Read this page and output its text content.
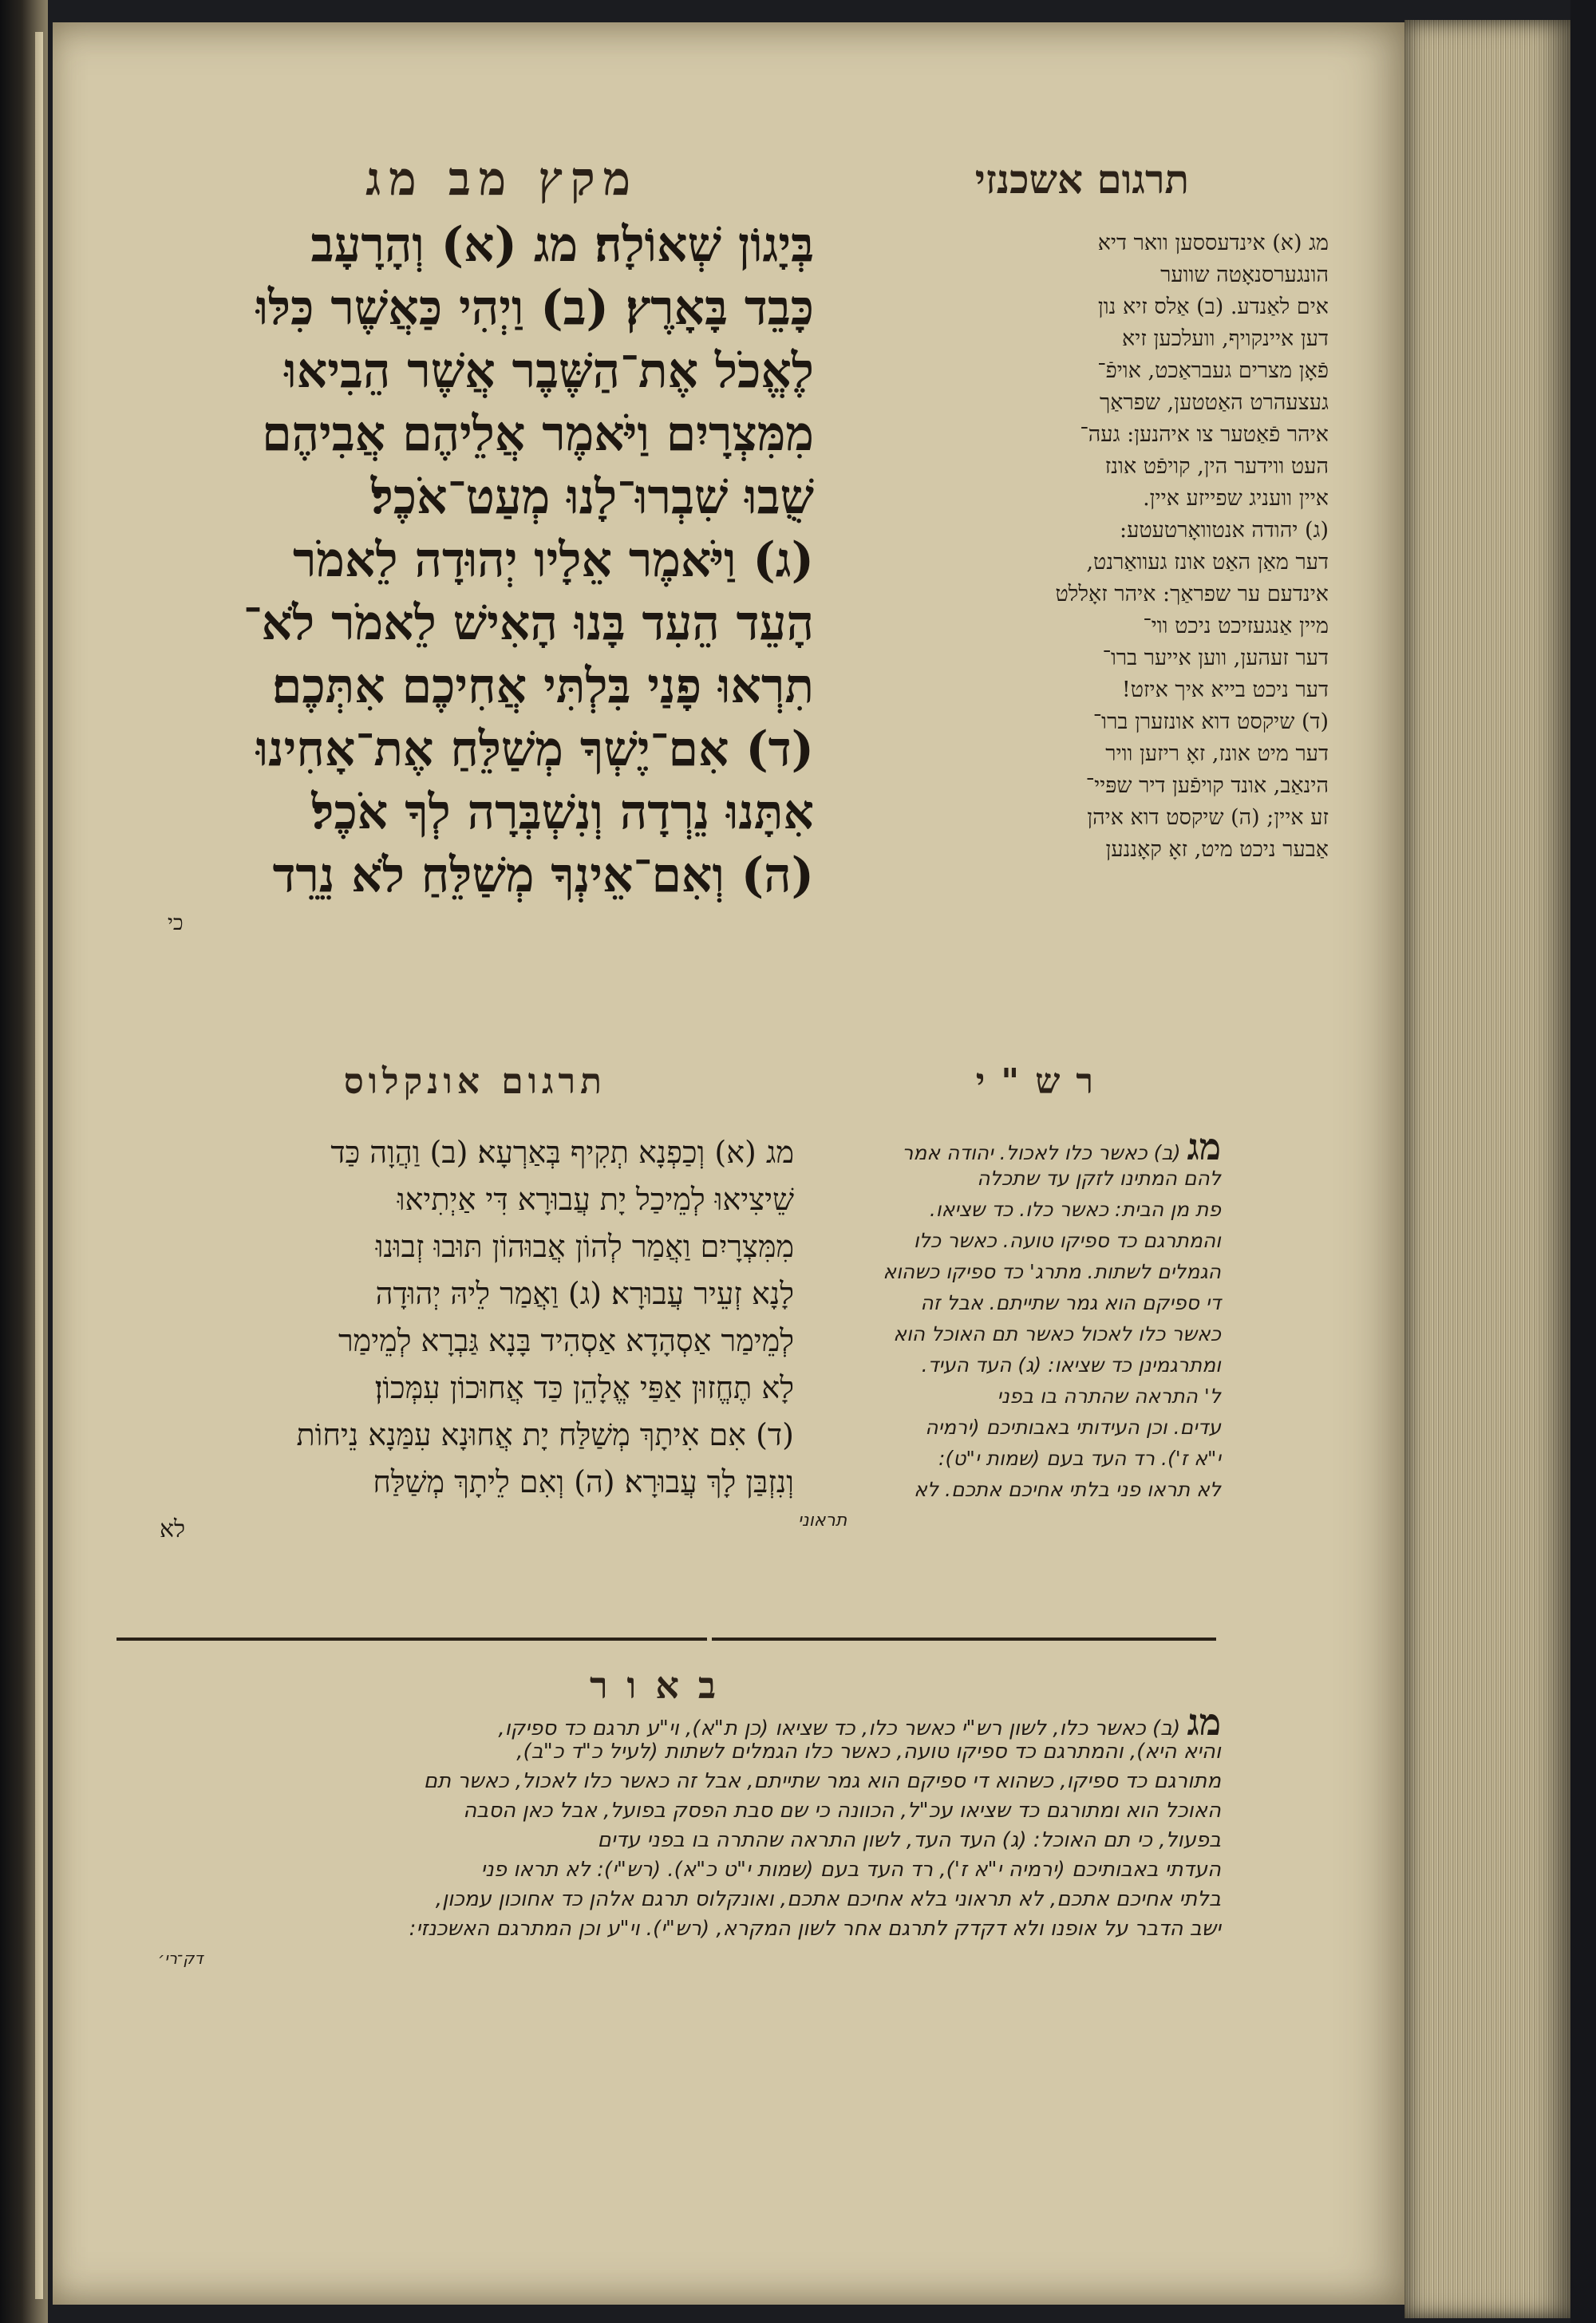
תרגום אשכנזי
מקץ מב מג
בְּיָגוֹן שְׁאוֹלָה׃ מג (א) וְהָרָעָב
כָּבֵד בָּאָרֶץ׃ (ב) וַיְהִי כַּאֲשֶׁר כִּלּוּ
לֶאֱכֹל אֶת־הַשֶּׁבֶר אֲשֶׁר הֵבִיאוּ
מִמִּצְרָיִם וַיֹּאמֶר אֲלֵיהֶם אֲבִיהֶם
שֻׁבוּ שִׁבְרוּ־לָנוּ מְעַט־אֹכֶל׃
(ג) וַיֹּאמֶר אֵלָיו יְהוּדָה לֵאמֹר
הָעֵד הֵעִד בָּנוּ הָאִישׁ לֵאמֹר לֹא־
תִרְאוּ פָנַי בִּלְתִּי אֲחִיכֶם אִתְּכֶם׃
(ד) אִם־יֶשְׁךָ מְשַׁלֵּחַ אֶת־אָחִינוּ
אִתָּנוּ נֵרְדָה וְנִשְׁבְּרָה לְךָ אֹכֶל׃
(ה) וְאִם־אֵינְךָ מְשַׁלֵּחַ לֹא נֵרֵד
כי
מג (א) אינדעססען וואר דיא
הונגערסנאָטה שווער
אים לאַנדע. (ב) אַלס זיא נון
דען איינקויף, וועלכען זיא
פֿאָן מצרים געבראַכט, אויפֿ־
געצעהרט האַטטען, שפראַך
איהר פֿאַטער צו איהנען: געה־
העט ווידער הין, קויפֿט אונז
איין וועניג שפייזע איין.
(ג) יהודה אנטוואָרטעטע:
דער מאַן האַט אונז געוואַרנט,
אינדעם ער שפראַך: איהר זאָללט
מיין אַנגעזיכט ניכט ווי־
דער זעהען, ווען אייער ברו־
דער ניכט בייא איך איזט!
(ד) שיקסט דוא אונזערן ברו־
דער מיט אונז, זאָ ריזען וויר
הינאַב, אונד קויפֿען דיר שפּיי־
זע איין; (ה) שיקסט דוא איהן
אַבער ניכט מיט, זאָ קאָננען
תרגום אונקלוס	רש"י
מג (א) וְכַפְנָא תְקִיף בְּאַרְעָא׃ (ב) וַהֲוָה כַּד
שֵׁיצִיאוּ לְמֵיכַל יָת עֲבוּרָא דִּי אַיְתִיאוּ
מִמִּצְרָיִם וַאֲמַר לְהוֹן אֲבוּהוֹן תּוּבוּ זְבוּנוּ
לָנָא זְעֵיר עֲבוּרָא׃ (ג) וַאֲמַר לֵיהּ יְהוּדָה
לְמֵימַר אַסְהָדָא אַסְהִיד בָּנָא גַּבְרָא לְמֵימַר
לָא תֶחֱזוּן אַפַּי אֱלָהֵן כַּד אֲחוּכוֹן עִמְּכוֹן׃
(ד) אִם אִיתָךְ מְשַׁלַּח יָת אֲחוּנָא עִמַּנָא נֵיחוֹת
וְנִזְבַּן לָךְ עֲבוּרָא׃ (ה) וְאִם לֵיתָךְ מְשַׁלַּח
לא
מג (ב) כאשר כלו לאכול. יהודה אמר
להם המתינו לזקן עד שתכלה
פת מן הבית: כאשר כלו. כד שציאו.
והמתרגם כד ספיקו טועה. כאשר כלו
הגמלים לשתות. מתרג' כד ספיקו כשהוא
די ספיקם הוא גמר שתייתם. אבל זה
כאשר כלו לאכול כאשר תם האוכל הוא
ומתרגמינן כד שציאו: (ג) העד העיד.
ל' התראה שהתרה בו בפני
עדים. וכן העידותי באבותיכם (ירמיה
י"א ז'). רד העד בעם (שמות י"ט):
לא תראו פני בלתי אחיכם אתכם. לא
תראוני
באור
מג (ב) כאשר כלו, לשון רש"י כאשר כלו, כד שציאו (כן ת"א), וי"ע תרגם כד ספיקו,
והיא היא), והמתרגם כד ספיקו טועה, כאשר כלו הגמלים לשתות (לעיל כ"ד כ"ב),
מתורגם כד ספיקו, כשהוא די ספיקם הוא גמר שתייתם, אבל זה כאשר כלו לאכול, כאשר תם
האוכל הוא ומתורגם כד שציאו עכ"ל, הכוונה כי שם סבת הפסק בפועל, אבל כאן הסבה
בפעול, כי תם האוכל: (ג) העד העד, לשון התראה שהתרה בו בפני עדים
העדתי באבותיכם (ירמיה י"א ז'), רד העד בעם (שמות י"ט כ"א). (רש"י): לא תראו פני
בלתי אחיכם אתכם, לא תראוני בלא אחיכם אתכם, ואונקלוס תרגם אלהן כד אחוכון עמכון,
ישב הדבר על אופנו ולא דקדק לתרגם אחר לשון המקרא, (רש"י). וי"ע וכן המתרגם האשכנזי:
דק־רי׳
